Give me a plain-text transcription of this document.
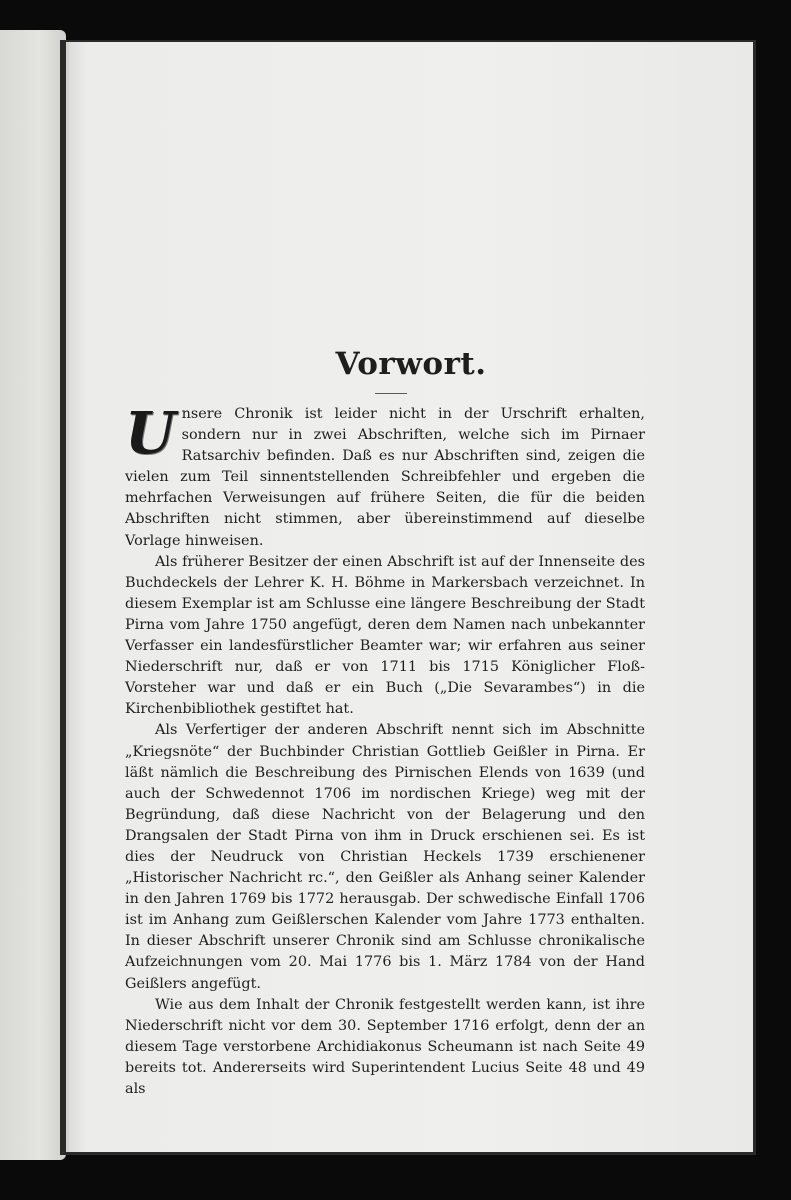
Vorwort.

Unsere Chronik ist leider nicht in der Urschrift erhalten, sondern nur in zwei Abschriften, welche sich im Pirnaer Ratsarchiv befinden. Daß es nur Abschriften sind, zeigen die vielen zum Teil sinnentstellenden Schreibfehler und ergeben die mehrfachen Verweisungen auf frühere Seiten, die für die beiden Abschriften nicht stimmen, aber übereinstimmend auf dieselbe Vorlage hinweisen.

Als früherer Besitzer der einen Abschrift ist auf der Innenseite des Buchdeckels der Lehrer K. H. Böhme in Markersbach verzeichnet. In diesem Exemplar ist am Schlusse eine längere Beschreibung der Stadt Pirna vom Jahre 1750 angefügt, deren dem Namen nach unbekannter Verfasser ein landesfürstlicher Beamter war; wir erfahren aus seiner Niederschrift nur, daß er von 1711 bis 1715 Königlicher Floß-Vorsteher war und daß er ein Buch („Die Sevarambes“) in die Kirchenbibliothek gestiftet hat.

Als Verfertiger der anderen Abschrift nennt sich im Abschnitte „Kriegsnöte“ der Buchbinder Christian Gottlieb Geißler in Pirna. Er läßt nämlich die Beschreibung des Pirnischen Elends von 1639 (und auch der Schwedennot 1706 im nordischen Kriege) weg mit der Begründung, daß diese Nachricht von der Belagerung und den Drangsalen der Stadt Pirna von ihm in Druck erschienen sei. Es ist dies der Neudruck von Christian Heckels 1739 erschienener „Historischer Nachricht rc.“, den Geißler als Anhang seiner Kalender in den Jahren 1769 bis 1772 herausgab. Der schwedische Einfall 1706 ist im Anhang zum Geißlerschen Kalender vom Jahre 1773 enthalten. In dieser Abschrift unserer Chronik sind am Schlusse chronikalische Aufzeichnungen vom 20. Mai 1776 bis 1. März 1784 von der Hand Geißlers angefügt.

Wie aus dem Inhalt der Chronik festgestellt werden kann, ist ihre Niederschrift nicht vor dem 30. September 1716 erfolgt, denn der an diesem Tage verstorbene Archidiakonus Scheumann ist nach Seite 49 bereits tot. Andererseits wird Superintendent Lucius Seite 48 und 49 als
